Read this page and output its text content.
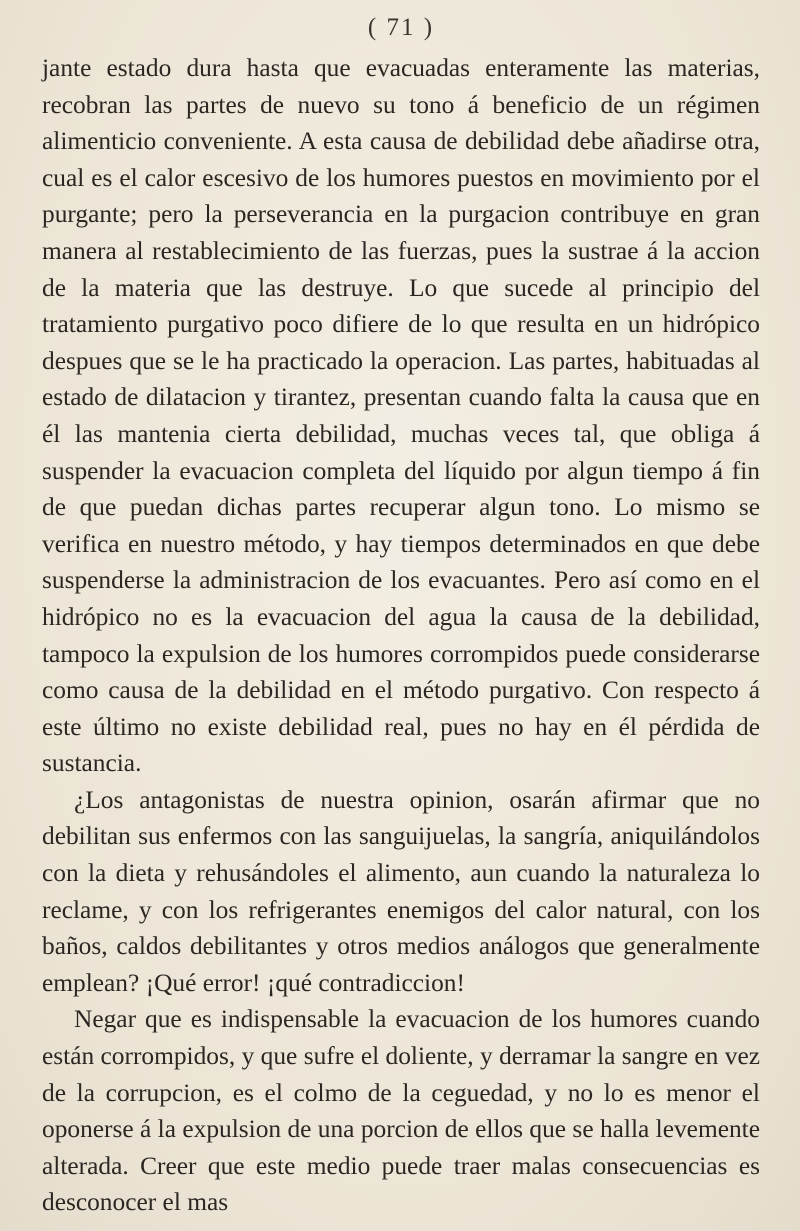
( 71 )

jante estado dura hasta que evacuadas enteramente las materias, recobran las partes de nuevo su tono á beneficio de un régimen alimenticio conveniente. A esta causa de debilidad debe añadirse otra, cual es el calor escesivo de los humores puestos en movimiento por el purgante; pero la perseverancia en la purgacion contribuye en gran manera al restablecimiento de las fuerzas, pues la sustrae á la accion de la materia que las destruye. Lo que sucede al principio del tratamiento purgativo poco difiere de lo que resulta en un hidrópico despues que se le ha practicado la operacion. Las partes, habituadas al estado de dilatacion y tirantez, presentan cuando falta la causa que en él las mantenia cierta debilidad, muchas veces tal, que obliga á suspender la evacuacion completa del líquido por algun tiempo á fin de que puedan dichas partes recuperar algun tono. Lo mismo se verifica en nuestro método, y hay tiempos determinados en que debe suspenderse la administracion de los evacuantes. Pero así como en el hidrópico no es la evacuacion del agua la causa de la debilidad, tampoco la expulsion de los humores corrompidos puede considerarse como causa de la debilidad en el método purgativo. Con respecto á este último no existe debilidad real, pues no hay en él pérdida de sustancia.

¿Los antagonistas de nuestra opinion, osarán afirmar que no debilitan sus enfermos con las sanguijuelas, la sangría, aniquilándolos con la dieta y rehusándoles el alimento, aun cuando la naturaleza lo reclame, y con los refrigerantes enemigos del calor natural, con los baños, caldos debilitantes y otros medios análogos que generalmente emplean? ¡Qué error! ¡qué contradiccion!

Negar que es indispensable la evacuacion de los humores cuando están corrompidos, y que sufre el doliente, y derramar la sangre en vez de la corrupcion, es el colmo de la ceguedad, y no lo es menor el oponerse á la expulsion de una porcion de ellos que se halla levemente alterada. Creer que este medio puede traer malas consecuencias es desconocer el mas
